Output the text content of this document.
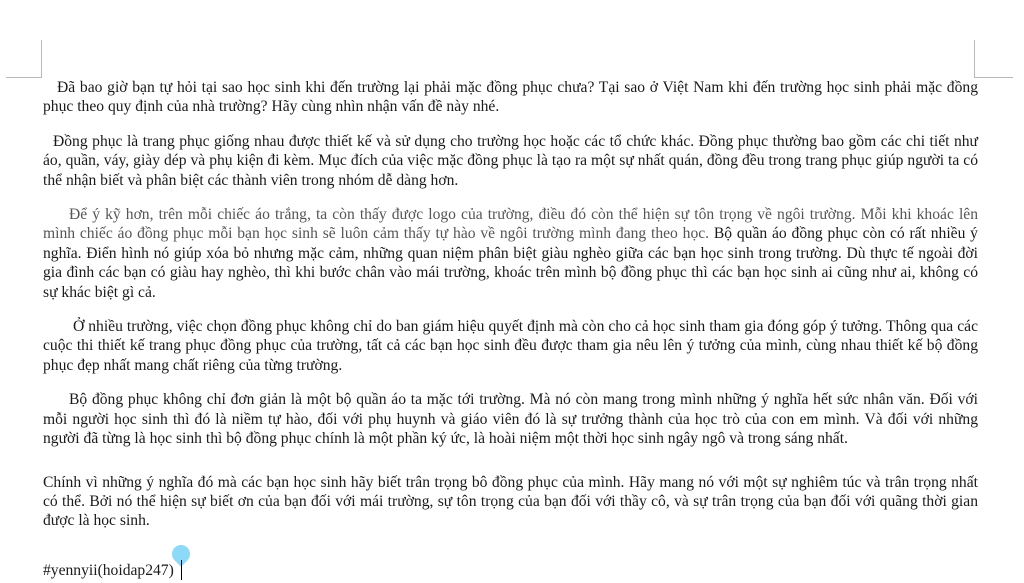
Đã bao giờ bạn tự hỏi tại sao học sinh khi đến trường lại phải mặc đồng phục chưa? Tại sao ở Việt Nam khi đến trường học sinh phải mặc đồng phục theo quy định của nhà trường? Hãy cùng nhìn nhận vấn đề này nhé.

Đồng phục là trang phục giống nhau được thiết kế và sử dụng cho trường học hoặc các tổ chức khác. Đồng phục thường bao gồm các chi tiết như áo, quần, váy, giày dép và phụ kiện đi kèm. Mục đích của việc mặc đồng phục là tạo ra một sự nhất quán, đồng đều trong trang phục giúp người ta có thể nhận biết và phân biệt các thành viên trong nhóm dễ dàng hơn.

Để ý kỹ hơn, trên mỗi chiếc áo trắng, ta còn thấy được logo của trường, điều đó còn thể hiện sự tôn trọng về ngôi trường. Mỗi khi khoác lên mình chiếc áo đồng phục mỗi bạn học sinh sẽ luôn cảm thấy tự hào về ngôi trường mình đang theo học. Bộ quần áo đồng phục còn có rất nhiều ý nghĩa. Điển hình nó giúp xóa bỏ nhưng mặc cảm, những quan niệm phân biệt giàu nghèo giữa các bạn học sinh trong trường. Dù thực tế ngoài đời gia đình các bạn có giàu hay nghèo, thì khi bước chân vào mái trường, khoác trên mình bộ đồng phục thì các bạn học sinh ai cũng như ai, không có sự khác biệt gì cả.

Ở nhiều trường, việc chọn đồng phục không chỉ do ban giám hiệu quyết định mà còn cho cả học sinh tham gia đóng góp ý tưởng. Thông qua các cuộc thi thiết kế trang phục đồng phục của trường, tất cả các bạn học sinh đều được tham gia nêu lên ý tưởng của mình, cùng nhau thiết kế bộ đồng phục đẹp nhất mang chất riêng của từng trường.

Bộ đồng phục không chỉ đơn giản là một bộ quần áo ta mặc tới trường. Mà nó còn mang trong mình những ý nghĩa hết sức nhân văn. Đối với mỗi người học sinh thì đó là niềm tự hào, đối với phụ huynh và giáo viên đó là sự trưởng thành của học trò của con em mình. Và đối với những người đã từng là học sinh thì bộ đồng phục chính là một phần ký ức, là hoài niệm một thời học sinh ngây ngô và trong sáng nhất.

Chính vì những ý nghĩa đó mà các bạn học sinh hãy biết trân trọng bô đồng phục của mình. Hãy mang nó với một sự nghiêm túc và trân trọng nhất có thể. Bởi nó thể hiện sự biết ơn của bạn đối với mái trường, sự tôn trọng của bạn đối với thầy cô, và sự trân trọng của bạn đối với quãng thời gian được là học sinh.

#yennyii(hoidap247)
